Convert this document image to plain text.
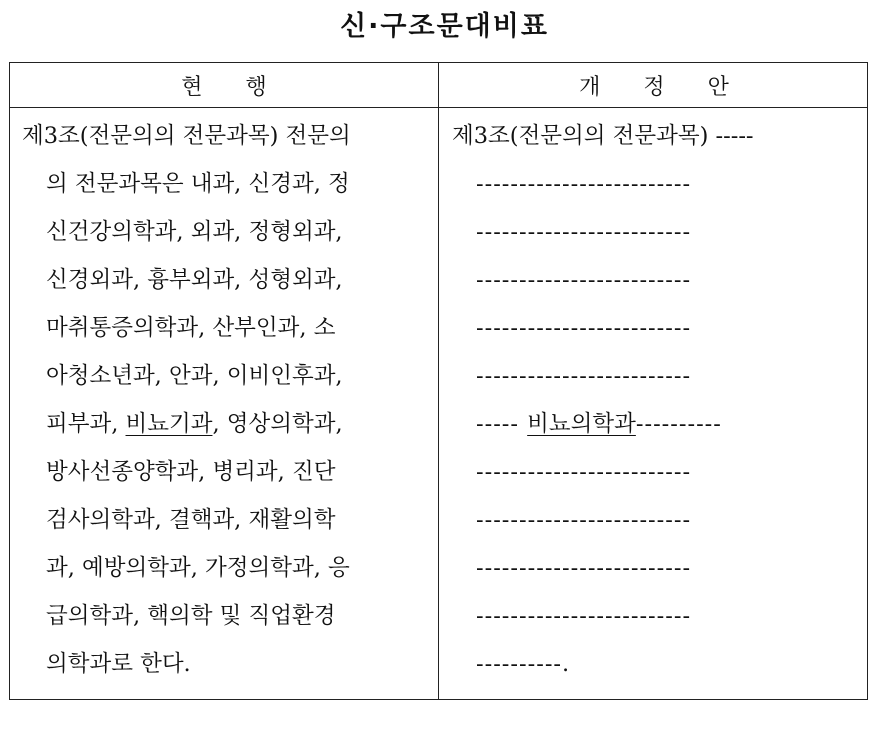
신·구조문대비표
현 행	개 정 안
제3조(전문의의 전문과목) 전문의
의 전문과목은 내과, 신경과, 정
신건강의학과, 외과, 정형외과,
신경외과, 흉부외과, 성형외과,
마취통증의학과, 산부인과, 소
아청소년과, 안과, 이비인후과,
피부과, 비뇨기과, 영상의학과,
방사선종양학과, 병리과, 진단
검사의학과, 결핵과, 재활의학
과, 예방의학과, 가정의학과, 응
급의학과, 핵의학 및 직업환경
의학과로 한다.
제3조(전문의의 전문과목) -----
-------------------------
-------------------------
-------------------------
-------------------------
-------------------------
----- 비뇨의학과----------
-------------------------
-------------------------
-------------------------
-------------------------
----------.
